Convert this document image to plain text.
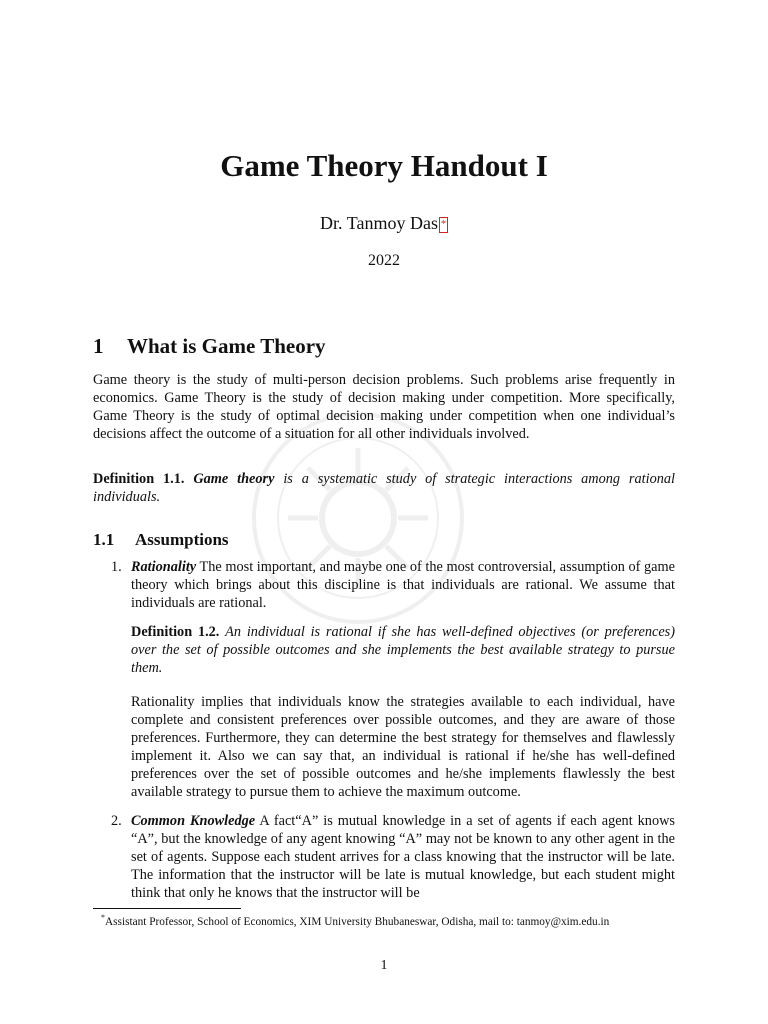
Game Theory Handout I
Dr. Tanmoy Das *
2022
1 What is Game Theory
Game theory is the study of multi-person decision problems. Such problems arise frequently in economics. Game Theory is the study of decision making under competition. More specifically, Game Theory is the study of optimal decision making under competition when one individual’s decisions affect the outcome of a situation for all other individuals involved.
Definition 1.1. Game theory is a systematic study of strategic interactions among rational individuals.
1.1 Assumptions
1. Rationality The most important, and maybe one of the most controversial, assumption of game theory which brings about this discipline is that individuals are rational. We assume that individuals are rational.
Definition 1.2. An individual is rational if she has well-defined objectives (or preferences) over the set of possible outcomes and she implements the best available strategy to pursue them.
Rationality implies that individuals know the strategies available to each individual, have complete and consistent preferences over possible outcomes, and they are aware of those preferences. Furthermore, they can determine the best strategy for themselves and flawlessly implement it. Also we can say that, an individual is rational if he/she has well-defined preferences over the set of possible outcomes and he/she implements flawlessly the best available strategy to pursue them to achieve the maximum outcome.
2. Common Knowledge A fact“A” is mutual knowledge in a set of agents if each agent knows “A”, but the knowledge of any agent knowing “A” may not be known to any other agent in the set of agents. Suppose each student arrives for a class knowing that the instructor will be late. The information that the instructor will be late is mutual knowledge, but each student might think that only he knows that the instructor will be
*Assistant Professor, School of Economics, XIM University Bhubaneswar, Odisha, mail to: tanmoy@xim.edu.in
1
